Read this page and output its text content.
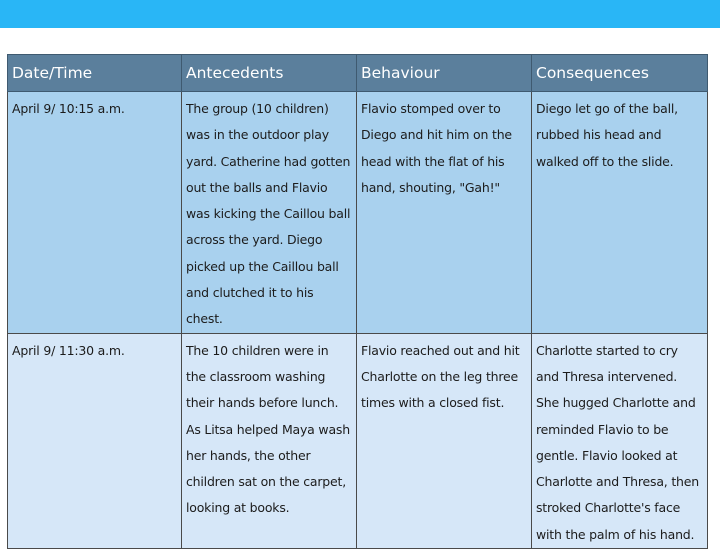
Date/Time	Antecedents	Behaviour	Consequences
April 9/ 10:15 a.m.	The group (10 children) was in the outdoor play yard. Catherine had gotten out the balls and Flavio was kicking the Caillou ball across the yard. Diego picked up the Caillou ball and clutched it to his chest.	Flavio stomped over to Diego and hit him on the head with the flat of his hand, shouting, "Gah!"	Diego let go of the ball, rubbed his head and walked off to the slide.
April 9/ 11:30 a.m.	The 10 children were in the classroom washing their hands before lunch. As Litsa helped Maya wash her hands, the other children sat on the carpet, looking at books.	Flavio reached out and hit Charlotte on the leg three times with a closed fist.	Charlotte started to cry and Thresa intervened. She hugged Charlotte and reminded Flavio to be gentle. Flavio looked at Charlotte and Thresa, then stroked Charlotte's face with the palm of his hand.
